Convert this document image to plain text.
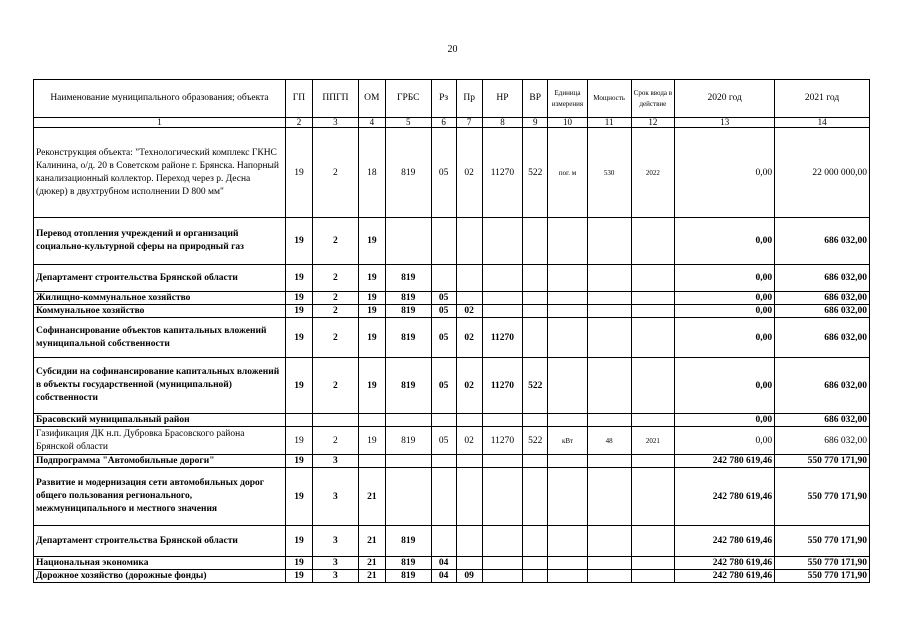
20
Наименование муниципального образования; объекта	ГП	ППГП	ОМ	ГРБС	Рз	Пр	НР	ВР	Единица измерения	Мощность	Срок ввода в действие	2020 год	2021 год
1	2	3	4	5	6	7	8	9	10	11	12	13	14
Реконструкция объекта: "Технологический комплекс ГКНС Калинина, о/д. 20 в Советском районе г. Брянска. Напорный канализационный коллектор. Переход через р. Десна (дюкер) в двухтрубном исполнении D 800 мм"	19	2	18	819	05	02	11270	522	пог. м	530	2022	0,00	22 000 000,00
Перевод отопления учреждений и организаций социально-культурной сферы на природный газ	19	2	19									0,00	686 032,00
Департамент строительства Брянской области	19	2	19	819								0,00	686 032,00
Жилищно-коммунальное хозяйство	19	2	19	819	05							0,00	686 032,00
Коммунальное хозяйство	19	2	19	819	05	02						0,00	686 032,00
Софинансирование объектов капитальных вложений муниципальной собственности	19	2	19	819	05	02	11270					0,00	686 032,00
Субсидии на софинансирование капитальных вложений в объекты государственной (муниципальной) собственности	19	2	19	819	05	02	11270	522				0,00	686 032,00
Брасовский муниципальный район												0,00	686 032,00
Газификация ДК н.п. Дубровка Брасовского района Брянской области	19	2	19	819	05	02	11270	522	кВт	48	2021	0,00	686 032,00
Подпрограмма "Автомобильные дороги"	19	3										242 780 619,46	550 770 171,90
Развитие и модернизация сети автомобильных дорог общего пользования регионального, межмуниципального и местного значения	19	3	21									242 780 619,46	550 770 171,90
Департамент строительства Брянской области	19	3	21	819								242 780 619,46	550 770 171,90
Национальная экономика	19	3	21	819	04							242 780 619,46	550 770 171,90
Дорожное хозяйство (дорожные фонды)	19	3	21	819	04	09						242 780 619,46	550 770 171,90
